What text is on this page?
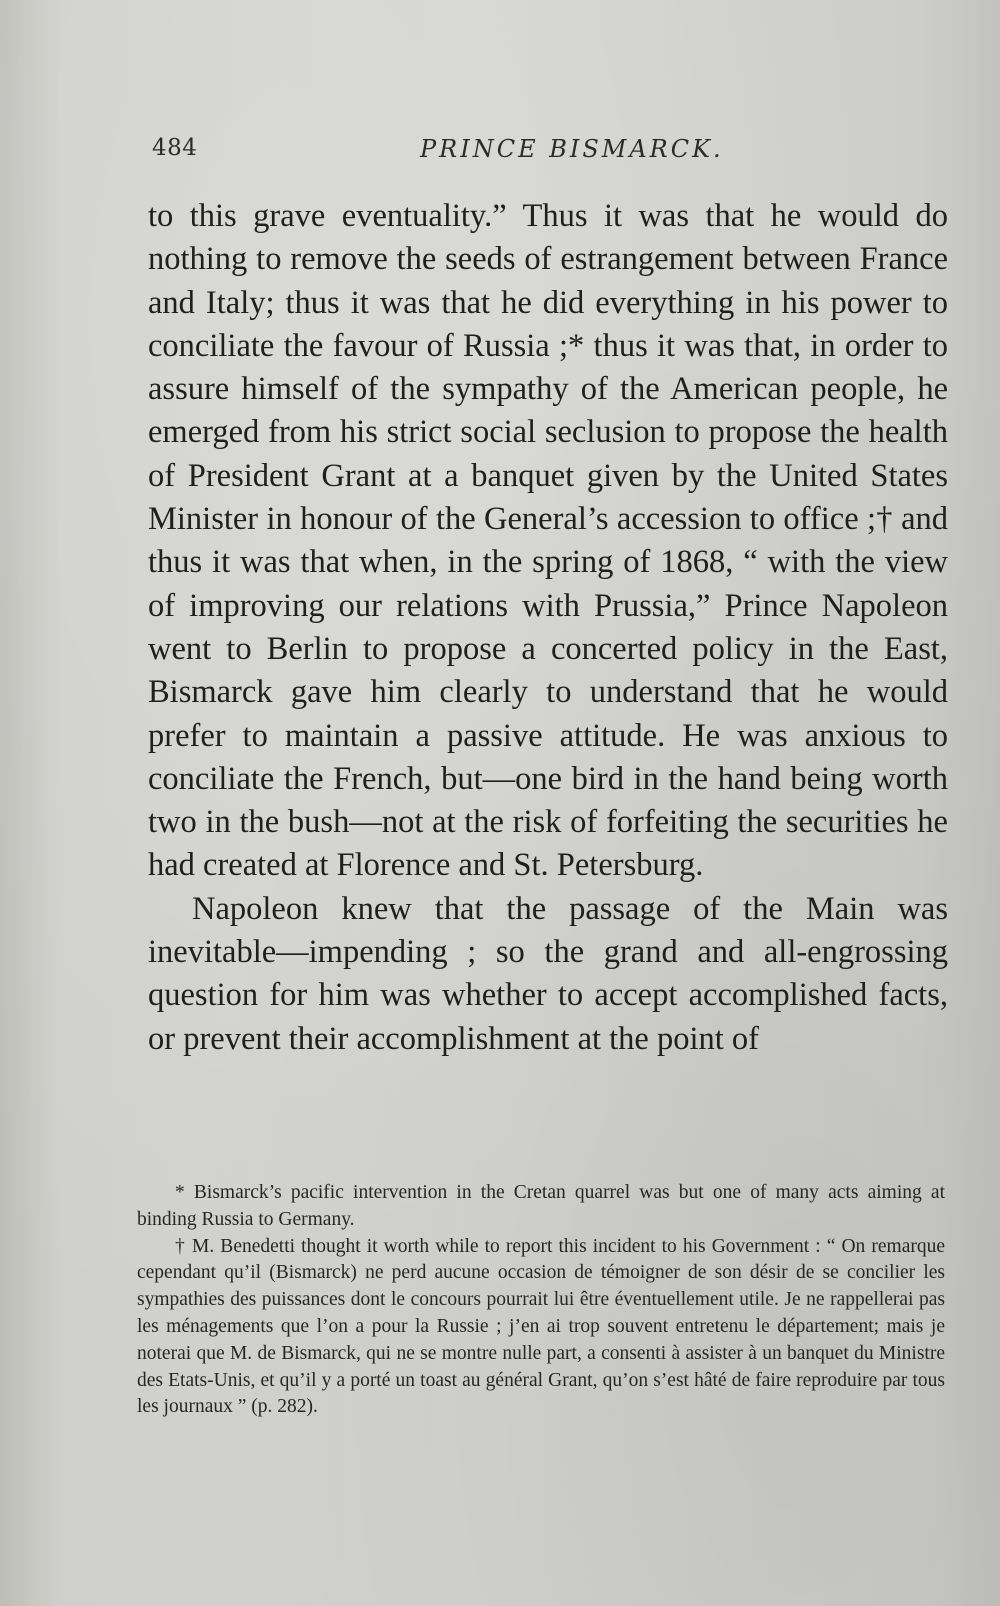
484	PRINCE BISMARCK.

to this grave eventuality.” Thus it was that he would do nothing to remove the seeds of estrangement between France and Italy; thus it was that he did everything in his power to conciliate the favour of Russia ;* thus it was that, in order to assure himself of the sympathy of the American people, he emerged from his strict social seclusion to propose the health of President Grant at a banquet given by the United States Minister in honour of the General’s accession to office ;† and thus it was that when, in the spring of 1868, “ with the view of improving our relations with Prussia,” Prince Napoleon went to Berlin to propose a concerted policy in the East, Bismarck gave him clearly to understand that he would prefer to maintain a passive attitude. He was anxious to conciliate the French, but—one bird in the hand being worth two in the bush—not at the risk of forfeiting the securities he had created at Florence and St. Petersburg.

Napoleon knew that the passage of the Main was inevitable—impending ; so the grand and all-engrossing question for him was whether to accept accomplished facts, or prevent their accomplishment at the point of

* Bismarck’s pacific intervention in the Cretan quarrel was but one of many acts aiming at binding Russia to Germany.

† M. Benedetti thought it worth while to report this incident to his Government : “ On remarque cependant qu’il (Bismarck) ne perd aucune occasion de témoigner de son désir de se concilier les sympathies des puissances dont le concours pourrait lui être éventuellement utile. Je ne rappellerai pas les ménagements que l’on a pour la Russie ; j’en ai trop souvent entretenu le département; mais je noterai que M. de Bismarck, qui ne se montre nulle part, a consenti à assister à un banquet du Ministre des Etats-Unis, et qu’il y a porté un toast au général Grant, qu’on s’est hâté de faire reproduire par tous les journaux ” (p. 282).
